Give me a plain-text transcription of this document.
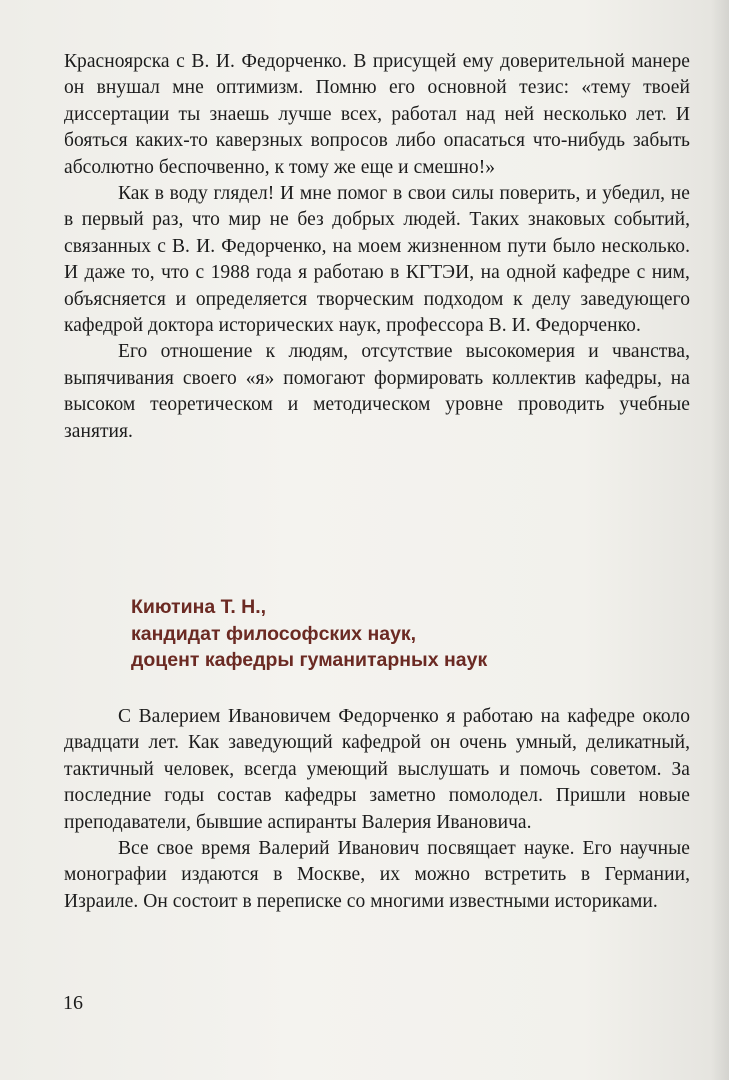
Красноярска с В. И. Федорченко. В присущей ему доверительной манере он внушал мне оптимизм. Помню его основной тезис: «тему твоей диссертации ты знаешь лучше всех, работал над ней несколько лет. И бояться каких-то каверзных вопросов либо опасаться что-нибудь забыть абсолютно беспочвенно, к тому же еще и смешно!»

Как в воду глядел! И мне помог в свои силы поверить, и убедил, не в первый раз, что мир не без добрых людей. Таких знаковых событий, связанных с В. И. Федорченко, на моем жизненном пути было несколько. И даже то, что с 1988 года я работаю в КГТЭИ, на одной кафедре с ним, объясняется и определяется творческим подходом к делу заведующего кафедрой доктора исторических наук, профессора В. И. Федорченко.

Его отношение к людям, отсутствие высокомерия и чванства, выпячивания своего «я» помогают формировать коллектив кафедры, на высоком теоретическом и методическом уровне проводить учебные занятия.

Киютина Т. Н.,
кандидат философских наук,
доцент кафедры гуманитарных наук

С Валерием Ивановичем Федорченко я работаю на кафедре около двадцати лет. Как заведующий кафедрой он очень умный, деликатный, тактичный человек, всегда умеющий выслушать и помочь советом. За последние годы состав кафедры заметно помолодел. Пришли новые преподаватели, бывшие аспиранты Валерия Ивановича.

Все свое время Валерий Иванович посвящает науке. Его научные монографии издаются в Москве, их можно встретить в Германии, Израиле. Он состоит в переписке со многими известными историками.

16
